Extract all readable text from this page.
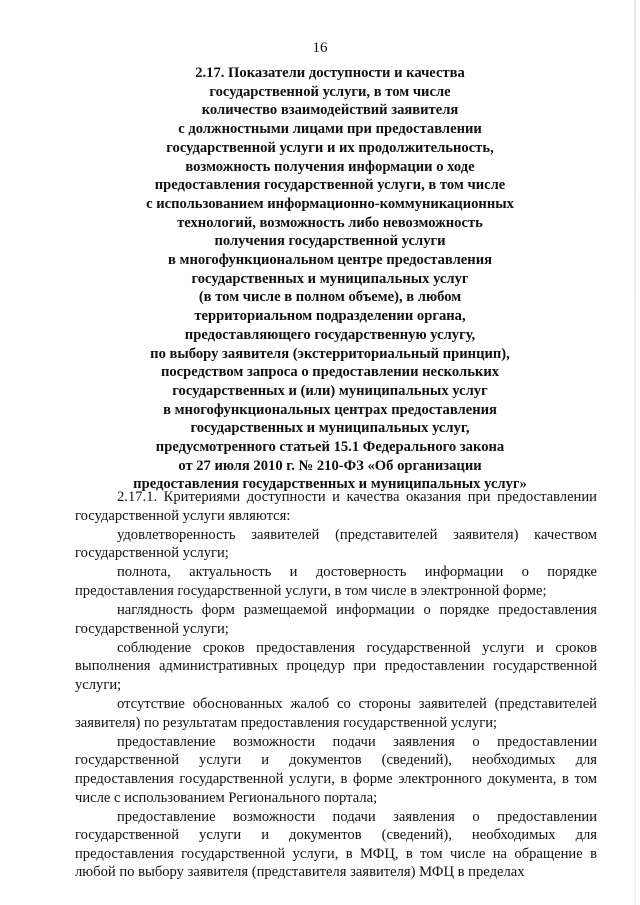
16
2.17. Показатели доступности и качества
государственной услуги, в том числе
количество взаимодействий заявителя
с должностными лицами при предоставлении
государственной услуги и их продолжительность,
возможность получения информации о ходе
предоставления государственной услуги, в том числе
с использованием информационно-коммуникационных
технологий, возможность либо невозможность
получения государственной услуги
в многофункциональном центре предоставления
государственных и муниципальных услуг
(в том числе в полном объеме), в любом
территориальном подразделении органа,
предоставляющего государственную услугу,
по выбору заявителя (экстерриториальный принцип),
посредством запроса о предоставлении нескольких
государственных и (или) муниципальных услуг
в многофункциональных центрах предоставления
государственных и муниципальных услуг,
предусмотренного статьей 15.1 Федерального закона
от 27 июля 2010 г. № 210-ФЗ «Об организации
предоставления государственных и муниципальных услуг»

2.17.1. Критериями доступности и качества оказания при предоставлении государственной услуги являются:

удовлетворенность заявителей (представителей заявителя) качеством государственной услуги;

полнота, актуальность и достоверность информации о порядке предоставления государственной услуги, в том числе в электронной форме;

наглядность форм размещаемой информации о порядке предоставления государственной услуги;

соблюдение сроков предоставления государственной услуги и сроков выполнения административных процедур при предоставлении государственной услуги;

отсутствие обоснованных жалоб со стороны заявителей (представителей заявителя) по результатам предоставления государственной услуги;

предоставление возможности подачи заявления о предоставлении государственной услуги и документов (сведений), необходимых для предоставления государственной услуги, в форме электронного документа, в том числе с использованием Регионального портала;

предоставление возможности подачи заявления о предоставлении государственной услуги и документов (сведений), необходимых для предоставления государственной услуги, в МФЦ, в том числе на обращение в любой по выбору заявителя (представителя заявителя) МФЦ в пределах
